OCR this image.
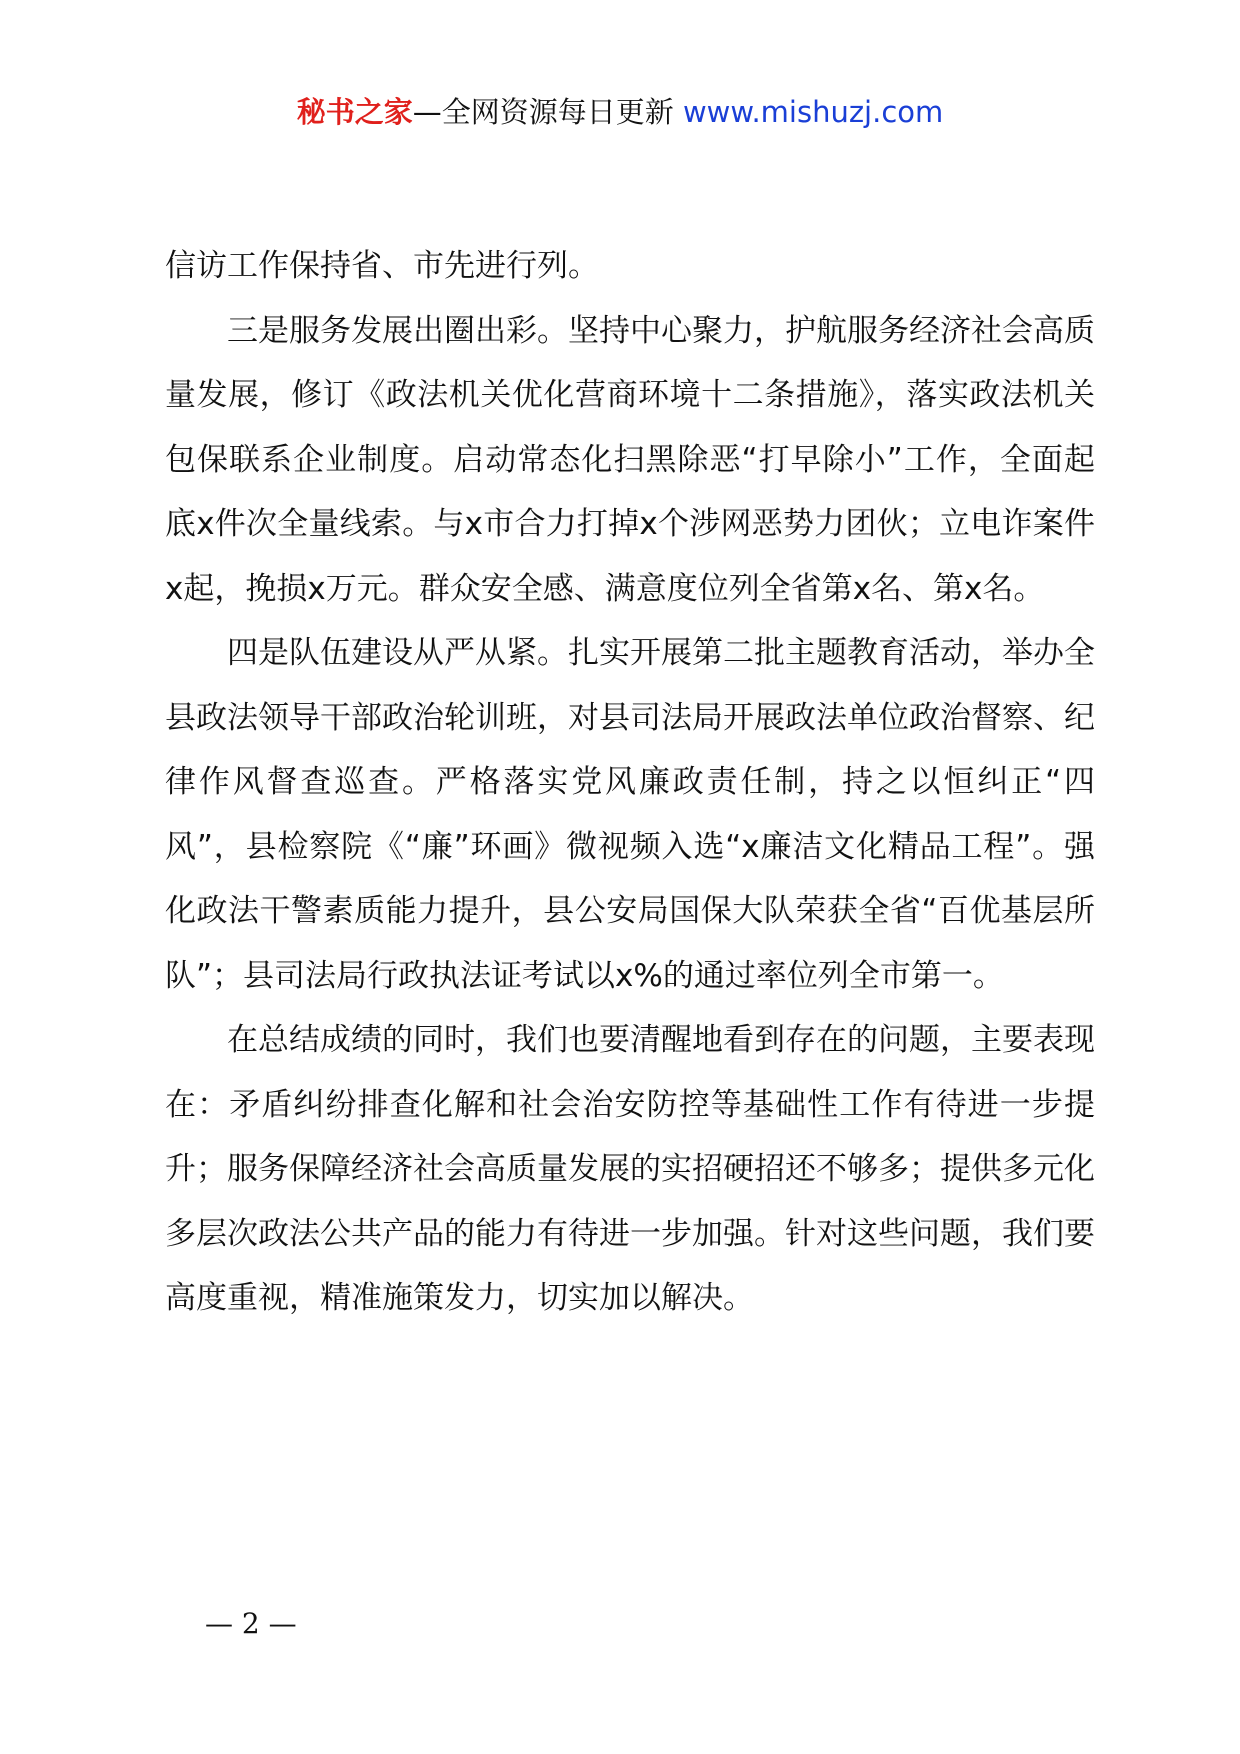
秘书之家—全网资源每日更新 www.mishuzj.com

信访工作保持省、市先进行列。

三是服务发展出圈出彩。坚持中心聚力，护航服务经济社会高质量发展，修订《政法机关优化营商环境十二条措施》，落实政法机关包保联系企业制度。启动常态化扫黑除恶“打早除小”工作，全面起底x件次全量线索。与x市合力打掉x个涉网恶势力团伙；立电诈案件x起，挽损x万元。群众安全感、满意度位列全省第x名、第x名。

四是队伍建设从严从紧。扎实开展第二批主题教育活动，举办全县政法领导干部政治轮训班，对县司法局开展政法单位政治督察、纪律作风督查巡查。严格落实党风廉政责任制，持之以恒纠正“四风”，县检察院《“廉”环画》微视频入选“x廉洁文化精品工程”。强化政法干警素质能力提升，县公安局国保大队荣获全省“百优基层所队”；县司法局行政执法证考试以x%的通过率位列全市第一。

在总结成绩的同时，我们也要清醒地看到存在的问题，主要表现在：矛盾纠纷排查化解和社会治安防控等基础性工作有待进一步提升；服务保障经济社会高质量发展的实招硬招还不够多；提供多元化多层次政法公共产品的能力有待进一步加强。针对这些问题，我们要高度重视，精准施策发力，切实加以解决。

— 2 —
